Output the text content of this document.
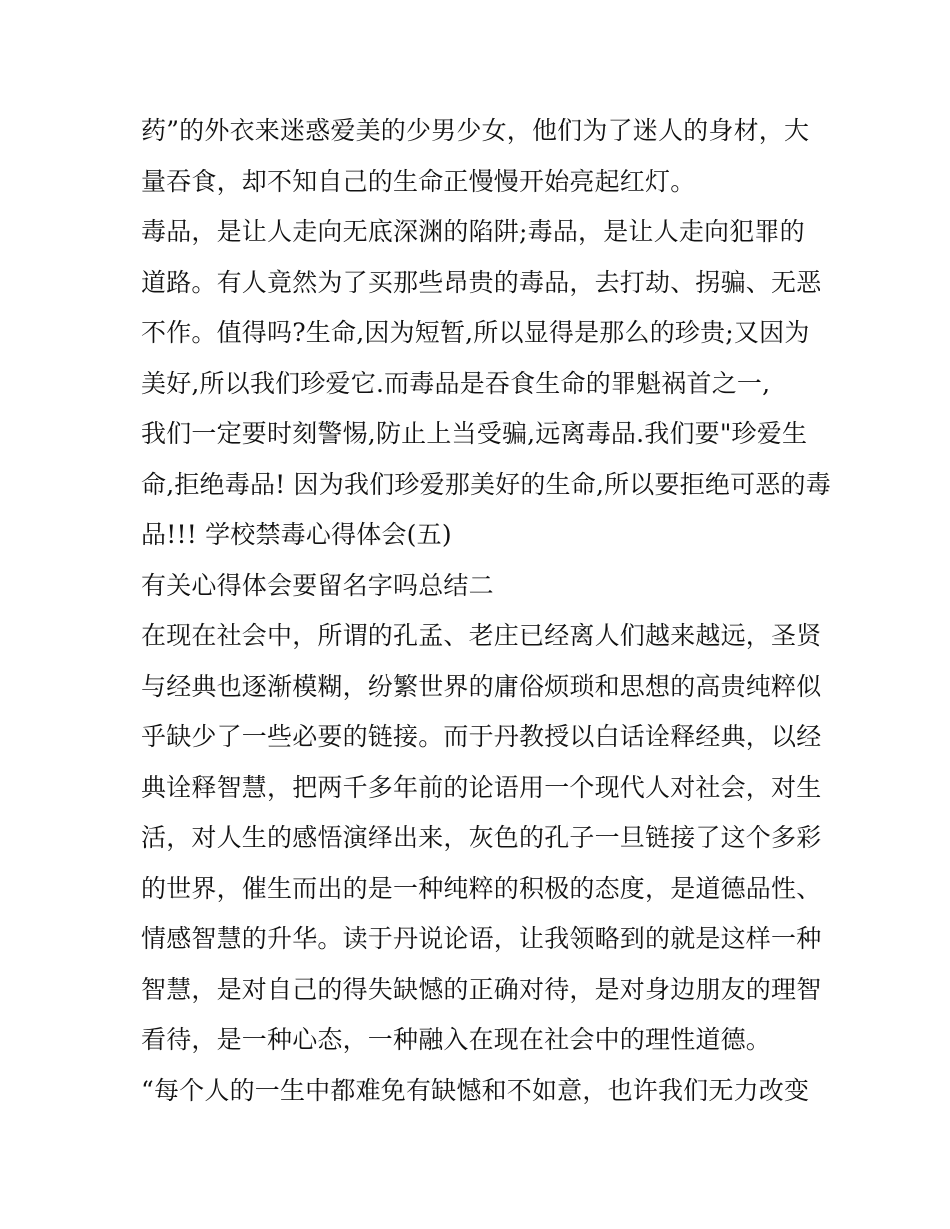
药”的外衣来迷惑爱美的少男少女，他们为了迷人的身材，大
量吞食，却不知自己的生命正慢慢开始亮起红灯。
毒品，是让人走向无底深渊的陷阱;毒品，是让人走向犯罪的
道路。有人竟然为了买那些昂贵的毒品，去打劫、拐骗、无恶
不作。值得吗?生命,因为短暂,所以显得是那么的珍贵;又因为
美好,所以我们珍爱它.而毒品是吞食生命的罪魁祸首之一,
我们一定要时刻警惕,防止上当受骗,远离毒品.我们要"珍爱生
命,拒绝毒品! 因为我们珍爱那美好的生命,所以要拒绝可恶的毒
品!!! 学校禁毒心得体会(五)
有关心得体会要留名字吗总结二
在现在社会中，所谓的孔孟、老庄已经离人们越来越远，圣贤
与经典也逐渐模糊，纷繁世界的庸俗烦琐和思想的高贵纯粹似
乎缺少了一些必要的链接。而于丹教授以白话诠释经典，以经
典诠释智慧，把两千多年前的论语用一个现代人对社会，对生
活，对人生的感悟演绎出来，灰色的孔子一旦链接了这个多彩
的世界，催生而出的是一种纯粹的积极的态度，是道德品性、
情感智慧的升华。读于丹说论语，让我领略到的就是这样一种
智慧，是对自己的得失缺憾的正确对待，是对身边朋友的理智
看待，是一种心态，一种融入在现在社会中的理性道德。
“每个人的一生中都难免有缺憾和不如意，也许我们无力改变
